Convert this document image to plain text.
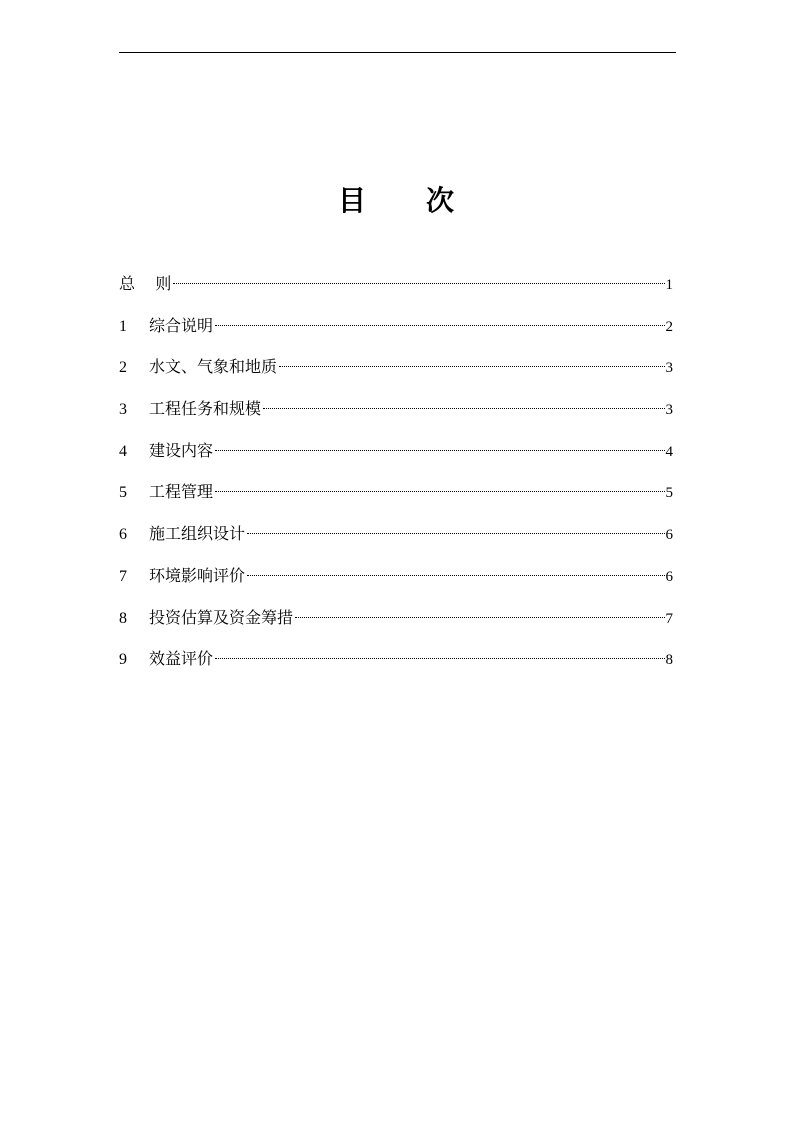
目 次
总    则	1
1	综合说明	2
2	水文、气象和地质	3
3	工程任务和规模	3
4	建设内容	4
5	工程管理	5
6	施工组织设计	6
7	环境影响评价	6
8	投资估算及资金筹措	7
9	效益评价	8
